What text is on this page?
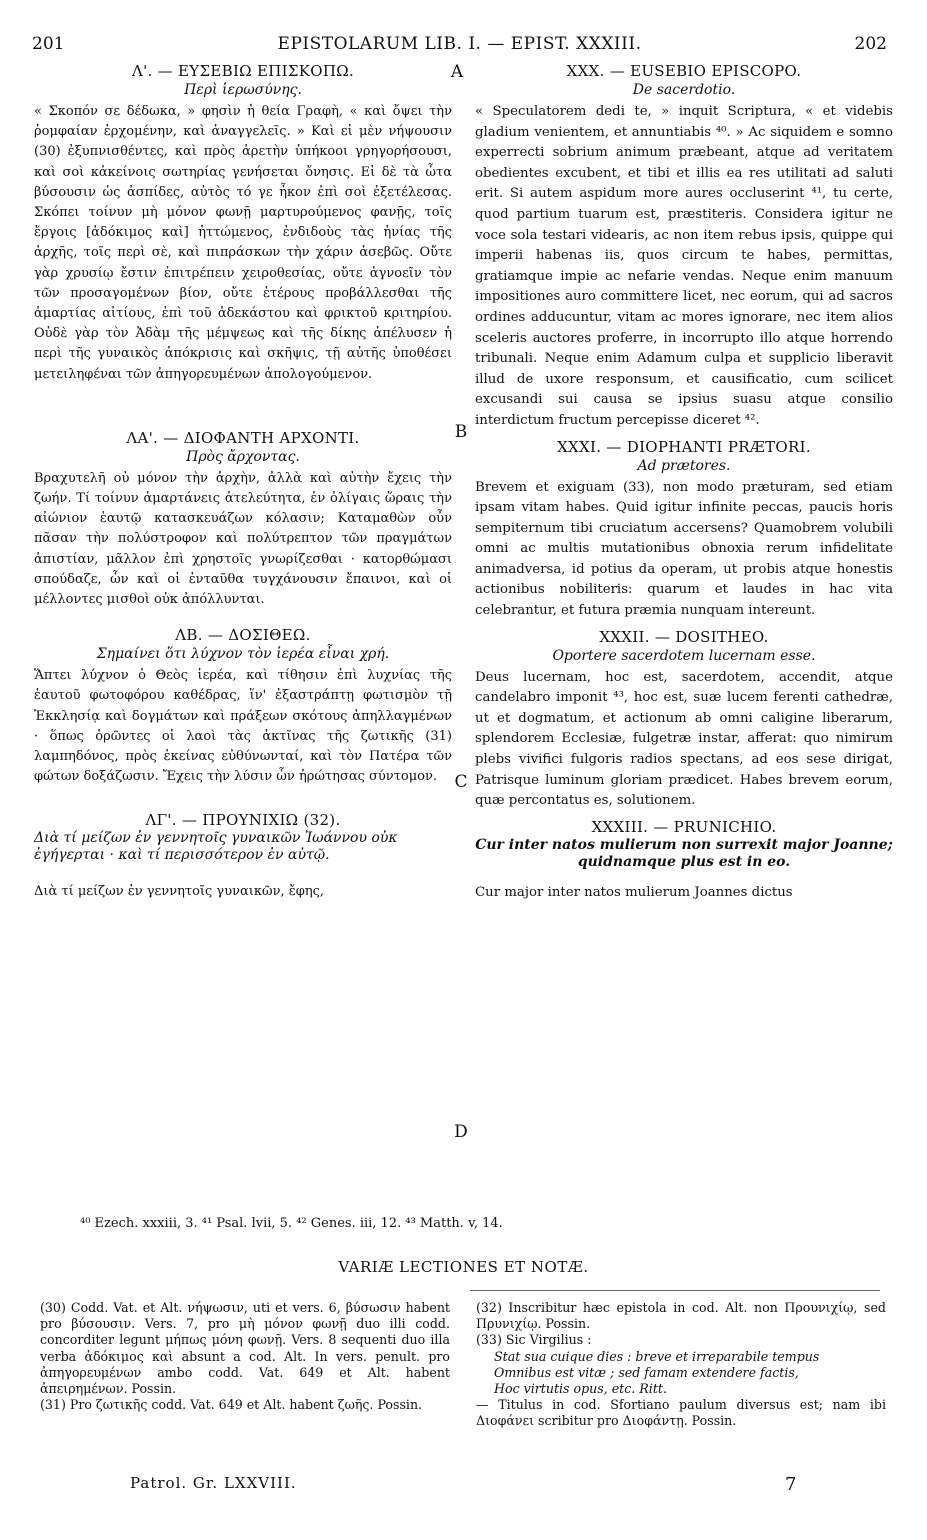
201	EPISTOLARUM LIB. I. — EPIST. XXXIII.	202
A
B
C
D
Λ'. — ΕΥΣΕΒΙΩ ΕΠΙΣΚΟΠΩ.
Περὶ ἱερωσύνης.

« Σκοπόν σε δέδωκα, » φησὶν ἡ θεία Γραφὴ, « καὶ ὄψει τὴν ῥομφαίαν ἐρχομένην, καὶ ἀναγγελεῖς. » Καὶ εἰ μὲν νήψουσιν (30) ἐξυπνισθέντες, καὶ πρὸς ἀρετὴν ὑπήκοοι γρηγορήσουσι, καὶ σοὶ κἀκείνοις σωτηρίας γενήσεται ὄνησις. Εἰ δὲ τὰ ὦτα βύσουσιν ὡς ἀσπίδες, αὐτὸς τό γε ἦκον ἐπὶ σοὶ ἐξετέλεσας. Σκόπει τοίνυν μὴ μόνον φωνῇ μαρτυρούμενος φανῇς, τοῖς ἔργοις [ἀδόκιμος καὶ] ἡττώμενος, ἐνδιδοὺς τὰς ἡνίας τῆς ἀρχῆς, τοῖς περὶ σὲ, καὶ πιπράσκων τὴν χάριν ἀσεβῶς. Οὔτε γὰρ χρυσίῳ ἔστιν ἐπιτρέπειν χειροθεσίας, οὔτε ἀγνοεῖν τὸν τῶν προσαγομένων βίον, οὔτε ἑτέρους προβάλλεσθαι τῆς ἁμαρτίας αἰτίους, ἐπὶ τοῦ ἀδεκάστου καὶ φρικτοῦ κριτηρίου. Οὐδὲ γὰρ τὸν Ἀδὰμ τῆς μέμψεως καὶ τῆς δίκης ἀπέλυσεν ἡ περὶ τῆς γυναικὸς ἀπόκρισις καὶ σκῆψις, τῇ αὐτῆς ὑποθέσει μετειληφέναι τῶν ἀπηγορευμένων ἀπολογούμενον.

ΛΑ'. — ΔΙΟΦΑΝΤΗ ΑΡΧΟΝΤΙ.
Πρὸς ἄρχοντας.

Βραχυτελῆ οὐ μόνον τὴν ἀρχὴν, ἀλλὰ καὶ αὐτὴν ἔχεις τὴν ζωήν. Τί τοίνυν ἁμαρτάνεις ἀτελεύτητα, ἐν ὀλίγαις ὥραις τὴν αἰώνιον ἑαυτῷ κατασκευάζων κόλασιν; Καταμαθὼν οὖν πᾶσαν τὴν πολύστροφον καὶ πολύτρεπτον τῶν πραγμάτων ἀπιστίαν, μᾶλλον ἐπὶ χρηστοῖς γνωρίζεσθαι · κατορθώμασι σπούδαζε, ὧν καὶ οἱ ἐνταῦθα τυγχάνουσιν ἔπαινοι, καὶ οἱ μέλλοντες μισθοὶ οὐκ ἀπόλλυνται.

ΛΒ. — ΔΟΣΙΘΕΩ.
Σημαίνει ὅτι λύχνον τὸν ἱερέα εἶναι χρή.

Ἅπτει λύχνον ὁ Θεὸς ἱερέα, καὶ τίθησιν ἐπὶ λυχνίας τῆς ἑαυτοῦ φωτοφόρου καθέδρας, ἵν' ἐξαστράπτῃ φωτισμὸν τῇ Ἐκκλησίᾳ καὶ δογμάτων καὶ πράξεων σκότους ἀπηλλαγμένων · ὅπως ὁρῶντες οἱ λαοὶ τὰς ἀκτῖνας τῆς ζωτικῆς (31) λαμπηδόνος, πρὸς ἐκείνας εὐθύνωνταί, καὶ τὸν Πατέρα τῶν φώτων δοξάζωσιν. Ἔχεις τὴν λύσιν ὧν ἠρώτησας σύντομον.

ΛΓ'. — ΠΡΟΥΝΙΧΙΩ (32).
Διὰ τί μείζων ἐν γεννητοῖς γυναικῶν Ἰωάννου οὐκ ἐγήγερται · καὶ τί περισσότερον ἐν αὐτῷ.

Διὰ τί μείζων ἐν γεννητοῖς γυναικῶν, ἔφης,

XXX. — EUSEBIO EPISCOPO.
De sacerdotio.

« Speculatorem dedi te, » inquit Scriptura, « et videbis gladium venientem, et annuntiabis ⁴⁰. » Ac siquidem e somno experrecti sobrium animum præbeant, atque ad veritatem obedientes excubent, et tibi et illis ea res utilitati ad saluti erit. Si autem aspidum more aures occluserint ⁴¹, tu certe, quod partium tuarum est, præstiteris. Considera igitur ne voce sola testari videaris, ac non item rebus ipsis, quippe qui imperii habenas iis, quos circum te habes, permittas, gratiamque impie ac nefarie vendas. Neque enim manuum impositiones auro committere licet, nec eorum, qui ad sacros ordines adducuntur, vitam ac mores ignorare, nec item alios sceleris auctores proferre, in incorrupto illo atque horrendo tribunali. Neque enim Adamum culpa et supplicio liberavit illud de uxore responsum, et causificatio, cum scilicet excusandi sui causa se ipsius suasu atque consilio interdictum fructum percepisse diceret ⁴².

XXXI. — DIOPHANTI PRÆTORI.
Ad prætores.

Brevem et exiguam (33), non modo præturam, sed etiam ipsam vitam habes. Quid igitur infinite peccas, paucis horis sempiternum tibi cruciatum accersens? Quamobrem volubili omni ac multis mutationibus obnoxia rerum infidelitate animadversa, id potius da operam, ut probis atque honestis actionibus nobiliteris: quarum et laudes in hac vita celebrantur, et futura præmia nunquam intereunt.

XXXII. — DOSITHEO.
Oportere sacerdotem lucernam esse.

Deus lucernam, hoc est, sacerdotem, accendit, atque candelabro imponit ⁴³, hoc est, suæ lucem ferenti cathedræ, ut et dogmatum, et actionum ab omni caligine liberarum, splendorem Ecclesiæ, fulgetræ instar, afferat: quo nimirum plebs vivifici fulgoris radios spectans, ad eos sese dirigat, Patrisque luminum gloriam prædicet. Habes brevem eorum, quæ percontatus es, solutionem.

XXXIII. — PRUNICHIO.
Cur inter natos mulierum non surrexit major Joanne; quidnamque plus est in eo.

Cur major inter natos mulierum Joannes dictus

⁴⁰ Ezech. xxxiii, 3. ⁴¹ Psal. lvii, 5. ⁴² Genes. iii, 12. ⁴³ Matth. v, 14.
VARIÆ LECTIONES ET NOTÆ.

(30) Codd. Vat. et Alt. νήψωσιν, uti et vers. 6, βύσωσιν habent pro βύσουσιν. Vers. 7, pro μὴ μόνον φωνῇ duo illi codd. concorditer legunt μήπως μόνη φωνῇ. Vers. 8 sequenti duo illa verba ἀδόκιμος καὶ absunt a cod. Alt. In vers. penult. pro ἀπηγορευμένων ambo codd. Vat. 649 et Alt. habent ἀπειρημένων. Possin.

(31) Pro ζωτικῆς codd. Vat. 649 et Alt. habent ζωῆς. Possin.

(32) Inscribitur hæc epistola in cod. Alt. non Προυνιχίῳ, sed Πρυνιχίῳ. Possin.

(33) Sic Virgilius :

Stat sua cuique dies : breve et irreparabile tempus

Omnibus est vitæ ; sed famam extendere factis,

Hoc virtutis opus, etc. Ritt.

— Titulus in cod. Sfortiano paulum diversus est; nam ibi Διοφάνει scribitur pro Διοφάντῃ. Possin.

Patrol. Gr. LXXVIII.	7
